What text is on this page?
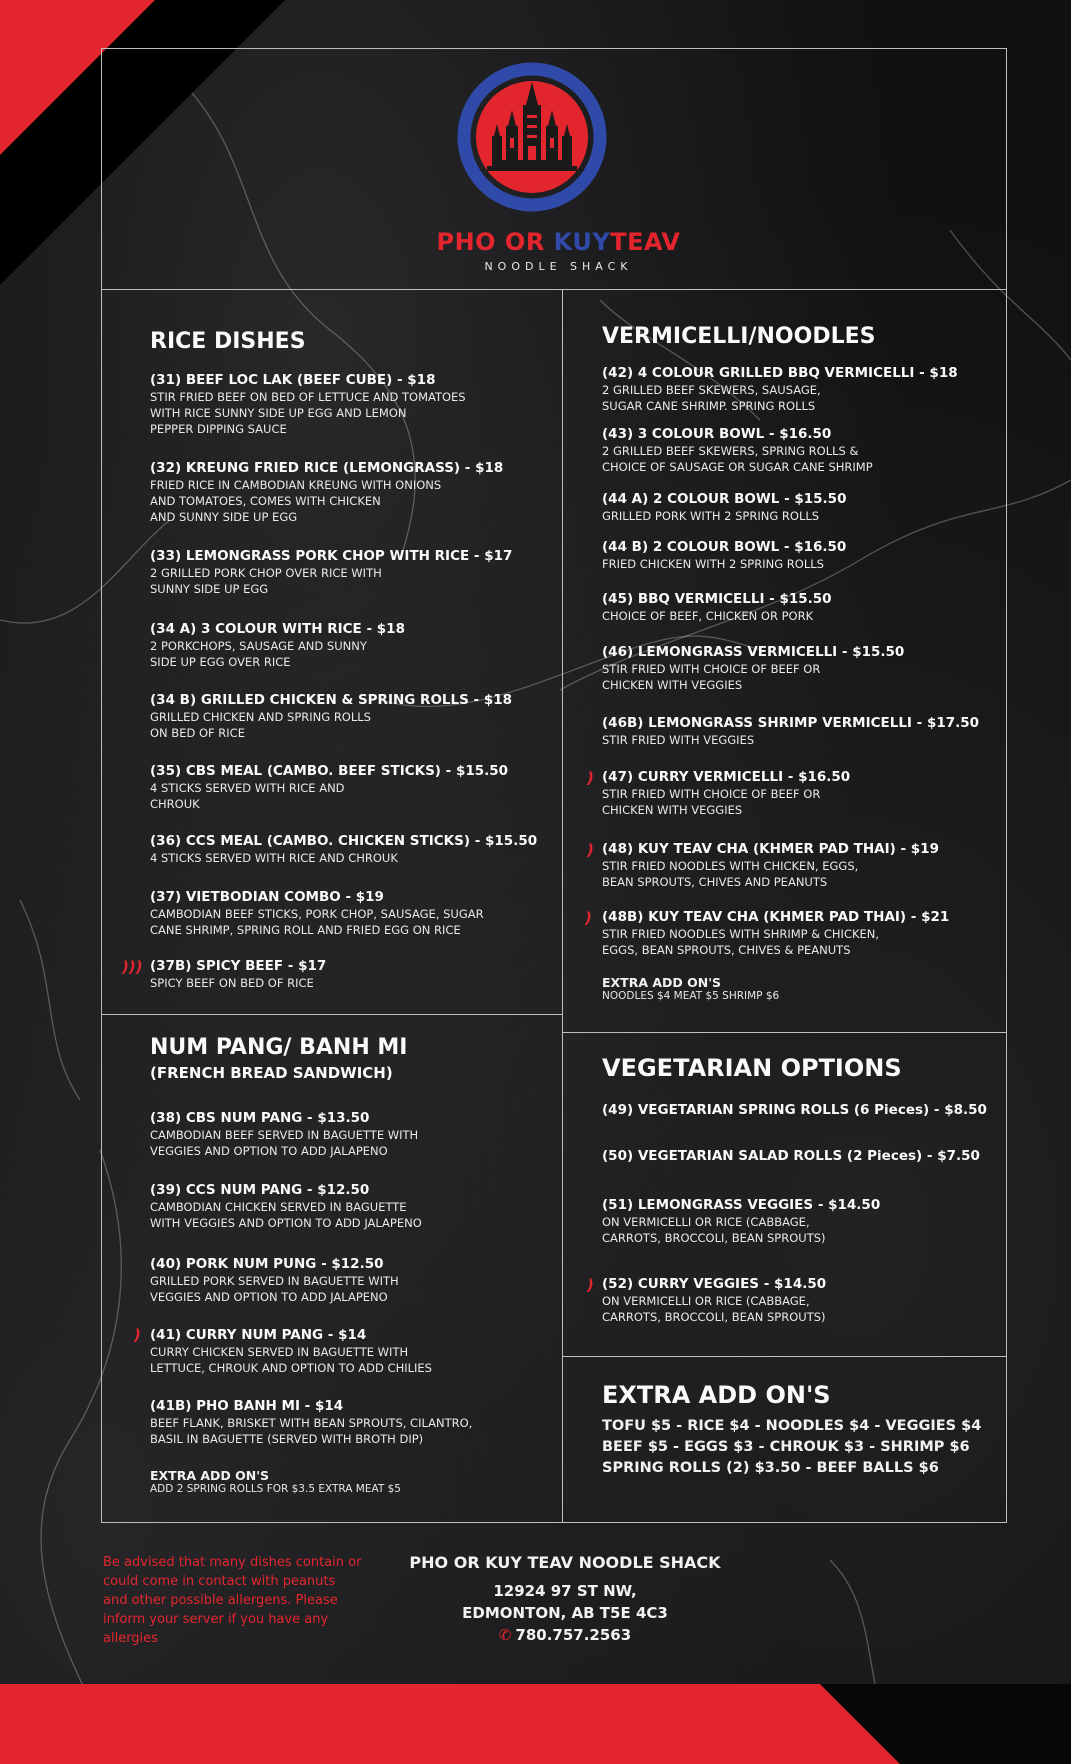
PHO OR KUYTEAV
NOODLE SHACK
RICE DISHES
(31) BEEF LOC LAK (BEEF CUBE) - $18
STIR FRIED BEEF ON BED OF LETTUCE AND TOMATOES
WITH RICE SUNNY SIDE UP EGG AND LEMON
PEPPER DIPPING SAUCE
(32) KREUNG FRIED RICE (LEMONGRASS) - $18
FRIED RICE IN CAMBODIAN KREUNG WITH ONIONS
AND TOMATOES, COMES WITH CHICKEN
AND SUNNY SIDE UP EGG
(33) LEMONGRASS PORK CHOP WITH RICE - $17
2 GRILLED PORK CHOP OVER RICE WITH
SUNNY SIDE UP EGG
(34 A) 3 COLOUR WITH RICE - $18
2 PORKCHOPS, SAUSAGE AND SUNNY
SIDE UP EGG OVER RICE
(34 B) GRILLED CHICKEN & SPRING ROLLS - $18
GRILLED CHICKEN AND SPRING ROLLS
ON BED OF RICE
(35) CBS MEAL (CAMBO. BEEF STICKS) - $15.50
4 STICKS SERVED WITH RICE AND
CHROUK
(36) CCS MEAL (CAMBO. CHICKEN STICKS) - $15.50
4 STICKS SERVED WITH RICE AND CHROUK
(37) VIETBODIAN COMBO - $19
CAMBODIAN BEEF STICKS, PORK CHOP, SAUSAGE, SUGAR
CANE SHRIMP, SPRING ROLL AND FRIED EGG ON RICE
(37B) SPICY BEEF - $17
SPICY BEEF ON BED OF RICE
)))
VERMICELLI/NOODLES
(42) 4 COLOUR GRILLED BBQ VERMICELLI - $18
2 GRILLED BEEF SKEWERS, SAUSAGE,
SUGAR CANE SHRIMP. SPRING ROLLS
(43) 3 COLOUR BOWL - $16.50
2 GRILLED BEEF SKEWERS, SPRING ROLLS &
CHOICE OF SAUSAGE OR SUGAR CANE SHRIMP
(44 A) 2 COLOUR BOWL - $15.50
GRILLED PORK WITH 2 SPRING ROLLS
(44 B) 2 COLOUR BOWL - $16.50
FRIED CHICKEN WITH 2 SPRING ROLLS
(45) BBQ VERMICELLI - $15.50
CHOICE OF BEEF, CHICKEN OR PORK
(46) LEMONGRASS VERMICELLI - $15.50
STIR FRIED WITH CHOICE OF BEEF OR
CHICKEN WITH VEGGIES
(46B) LEMONGRASS SHRIMP VERMICELLI - $17.50
STIR FRIED WITH VEGGIES
(47) CURRY VERMICELLI - $16.50
STIR FRIED WITH CHOICE OF BEEF OR
CHICKEN WITH VEGGIES
(48) KUY TEAV CHA (KHMER PAD THAI) - $19
STIR FRIED NOODLES WITH CHICKEN, EGGS,
BEAN SPROUTS, CHIVES AND PEANUTS
(48B) KUY TEAV CHA (KHMER PAD THAI) - $21
STIR FRIED NOODLES WITH SHRIMP & CHICKEN,
EGGS, BEAN SPROUTS, CHIVES & PEANUTS
EXTRA ADD ON'S
NOODLES $4 MEAT $5 SHRIMP $6
)
)
)
NUM PANG/ BANH MI
(FRENCH BREAD SANDWICH)
(38) CBS NUM PANG - $13.50
CAMBODIAN BEEF SERVED IN BAGUETTE WITH
VEGGIES AND OPTION TO ADD JALAPENO
(39) CCS NUM PANG - $12.50
CAMBODIAN CHICKEN SERVED IN BAGUETTE
WITH VEGGIES AND OPTION TO ADD JALAPENO
(40) PORK NUM PUNG - $12.50
GRILLED PORK SERVED IN BAGUETTE WITH
VEGGIES AND OPTION TO ADD JALAPENO
(41) CURRY NUM PANG - $14
CURRY CHICKEN SERVED IN BAGUETTE WITH
LETTUCE, CHROUK AND OPTION TO ADD CHILIES
(41B) PHO BANH MI - $14
BEEF FLANK, BRISKET WITH BEAN SPROUTS, CILANTRO,
BASIL IN BAGUETTE (SERVED WITH BROTH DIP)
EXTRA ADD ON'S
ADD 2 SPRING ROLLS FOR $3.5 EXTRA MEAT $5
)
VEGETARIAN OPTIONS
(49) VEGETARIAN SPRING ROLLS (6 Pieces) - $8.50
(50) VEGETARIAN SALAD ROLLS (2 Pieces) - $7.50
(51) LEMONGRASS VEGGIES - $14.50
ON VERMICELLI OR RICE (CABBAGE,
CARROTS, BROCCOLI, BEAN SPROUTS)
(52) CURRY VEGGIES - $14.50
ON VERMICELLI OR RICE (CABBAGE,
CARROTS, BROCCOLI, BEAN SPROUTS)
)
EXTRA ADD ON'S
TOFU $5 - RICE $4 - NOODLES $4 - VEGGIES $4
BEEF $5 - EGGS $3 - CHROUK $3 - SHRIMP $6
SPRING ROLLS (2) $3.50 - BEEF BALLS $6
Be advised that many dishes contain or could come in contact with peanuts and other possible allergens. Please inform your server if you have any allergies
PHO OR KUY TEAV NOODLE SHACK
12924 97 ST NW,
EDMONTON, AB T5E 4C3
✆ 780.757.2563
